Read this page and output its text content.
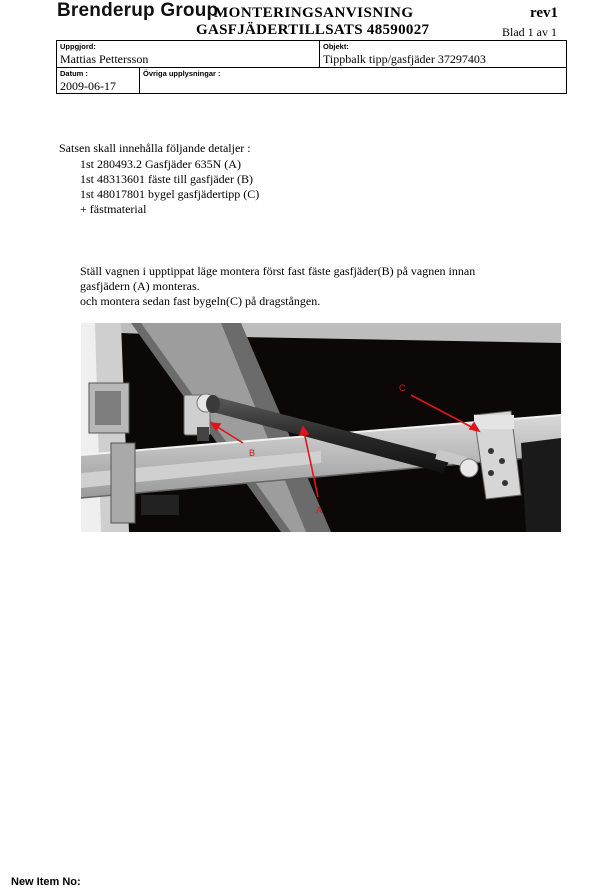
Brenderup Group
MONTERINGSANVISNING
GASFJÄDERTILLSATS 48590027
rev1
Blad 1 av 1
Uppgjord:
Mattias Pettersson
Objekt:
Tippbalk tipp/gasfjäder 37297403
Datum :
2009-06-17
Övriga upplysningar :
Satsen skall innehålla följande detaljer :
1st 280493.2 Gasfjäder 635N (A)
1st 48313601 fäste till gasfjäder (B)
1st 48017801 bygel gasfjädertipp (C)
+ fästmaterial
Ställ vagnen i upptippat läge montera först fast fäste gasfjäder(B) på vagnen innan
gasfjädern (A) monteras.
och montera sedan fast bygeln(C) på dragstången.
C
B
A
New Item No:
